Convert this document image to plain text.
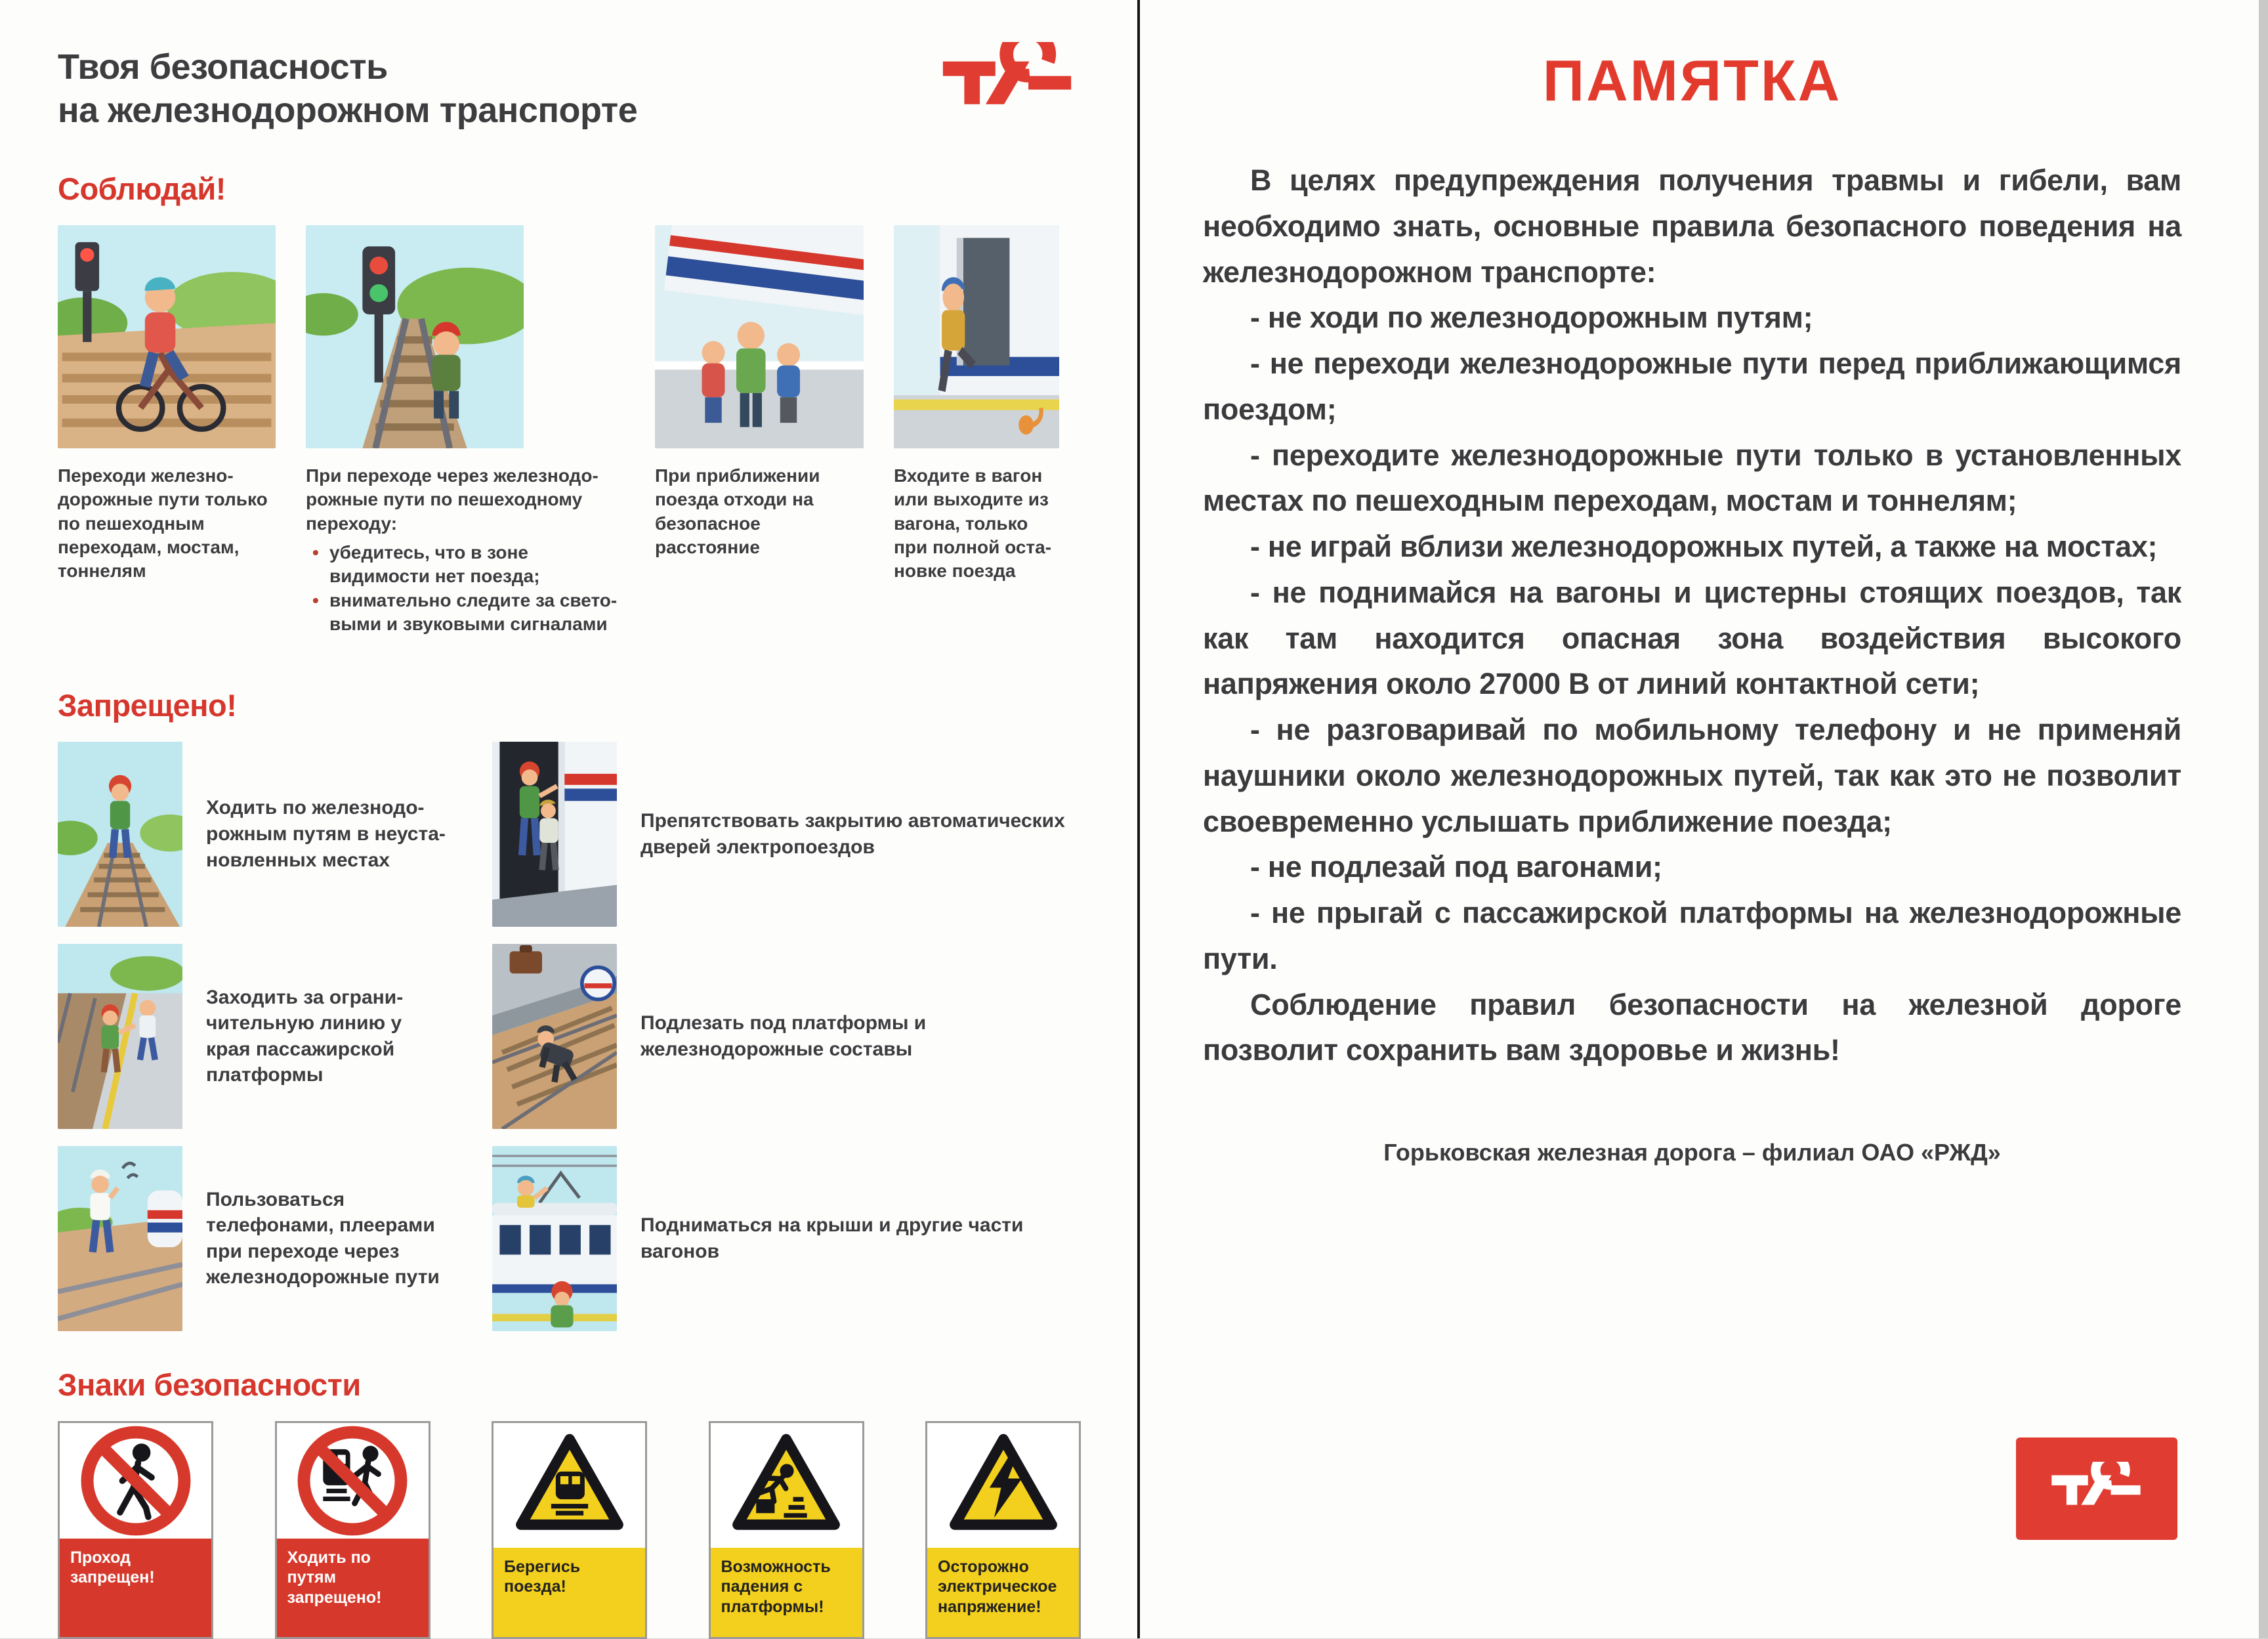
Твоя безопасность
на железнодорожном транспорте
Соблюдай!

Переходи железнодорожные пути только по пешеходным переходам, мостам, тоннелям

При переходе через железнодорожные пути по пешеходному переходу:

• убедитесь, что в зоне видимости нет поезда;
• внимательно следите за световыми и звуковыми сигналами

При приближении поезда отходи на безопасное расстояние

Входите в вагон или выходите из вагона, только при полной остановке поезда

Запрещено!

Ходить по железнодорожным путям в неустановленных местах

Заходить за ограничительную линию у края пассажирской платформы

Пользоваться телефонами, плеерами при переходе через железнодорожные пути

Препятствовать закрытию автоматических дверей электропоездов

Подлезать под платформы и железнодорожные составы

Подниматься на крыши и другие части вагонов

Знаки безопасности
Проход запрещен!
Ходить по путям запрещено!
Берегись поезда!
Возможность падения с платформы!
Осторожно электрическое напряжение!
ПАМЯТКА

В целях предупреждения получения травмы и гибели, вам необходимо знать, основные правила безопасного поведения на железнодорожном транспорте:

- не ходи по железнодорожным путям;

- не переходи железнодорожные пути перед приближающимся поездом;

- переходите железнодорожные пути только в установленных местах по пешеходным переходам, мостам и тоннелям;

- не играй вблизи железнодорожных путей, а также на мостах;

- не поднимайся на вагоны и цистерны стоящих поездов, так как там находится опасная зона воздействия высокого напряжения около 27000 В от линий контактной сети;

- не разговаривай по мобильному телефону и не применяй наушники около железнодорожных путей, так как это не позволит своевременно услышать приближение поезда;

- не подлезай под вагонами;

- не прыгай с пассажирской платформы на железнодорожные пути.

Соблюдение правил безопасности на железной дороге позволит сохранить вам здоровье и жизнь!

Горьковская железная дорога – филиал ОАО «РЖД»
